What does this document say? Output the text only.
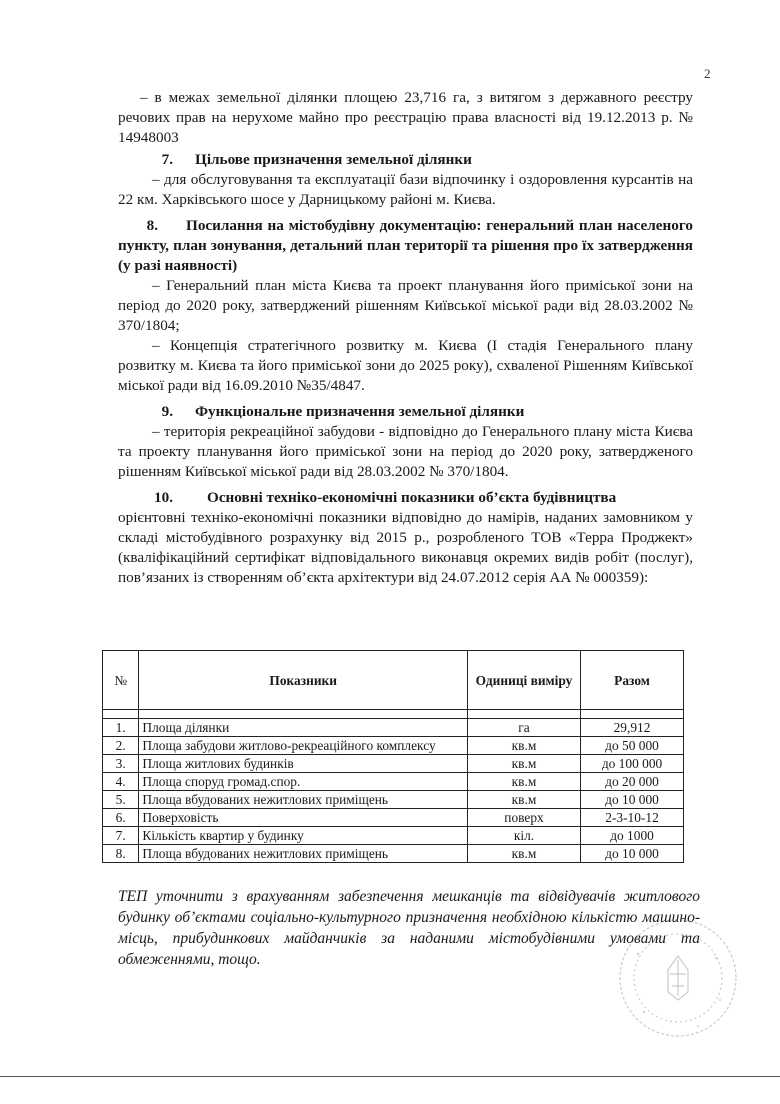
2

– в межах земельної ділянки площею 23,716 га, з витягом з державного реєстру речових прав на нерухоме майно про реєстрацію права власності від 19.12.2013 р. № 14948003

7. Цільове призначення земельної ділянки

– для обслуговування та експлуатації бази відпочинку і оздоровлення курсантів на 22 км. Харківського шосе у Дарницькому районі м. Києва.

8. Посилання на містобудівну документацію: генеральний план населеного пункту, план зонування, детальний план території та рішення про їх затвердження (у разі наявності)

– Генеральний план міста Києва та проект планування його приміської зони на період до 2020 року, затверджений рішенням Київської міської ради від 28.03.2002 № 370/1804;

– Концепція стратегічного розвитку м. Києва (I стадія Генерального плану розвитку м. Києва та його приміської зони до 2025 року), схваленої Рішенням Київської міської ради від 16.09.2010 №35/4847.

9. Функціональне призначення земельної ділянки

– територія рекреаційної забудови - відповідно до Генерального плану міста Києва та проекту планування його приміської зони на період до 2020 року, затвердженого рішенням Київської міської ради від 28.03.2002 № 370/1804.

10. Основні техніко-економічні показники об’єкта будівництва

орієнтовні техніко-економічні показники відповідно до намірів, наданих замовником у складі містобудівного розрахунку від 2015 р., розробленого ТОВ «Терра Проджект» (кваліфікаційний сертифікат відповідального виконавця окремих видів робіт (послуг), пов’язаних із створенням об’єкта архітектури від 24.07.2012 серія АА № 000359):

№	Показники	Одиниці виміру	Разом

1.	Площа ділянки	га	29,912
2.	Площа забудови житлово-рекреаційного комплексу	кв.м	до 50 000
3.	Площа житлових будинків	кв.м	до 100 000
4.	Площа споруд громад.спор.	кв.м	до 20 000
5.	Площа вбудованих нежитлових приміщень	кв.м	до 10 000
6.	Поверховість	поверх	2-3-10-12
7.	Кількість квартир у будинку	кіл.	до 1000
8.	Площа вбудованих нежитлових приміщень	кв.м	до 10 000

ТЕП уточнити з врахуванням забезпечення мешканців та відвідувачів житлового будинку об’єктами соціально-культурного призначення необхідною кількістю машино-місць, прибудинкових майданчиків за наданими містобудівними умовами та обмеженнями, тощо.
